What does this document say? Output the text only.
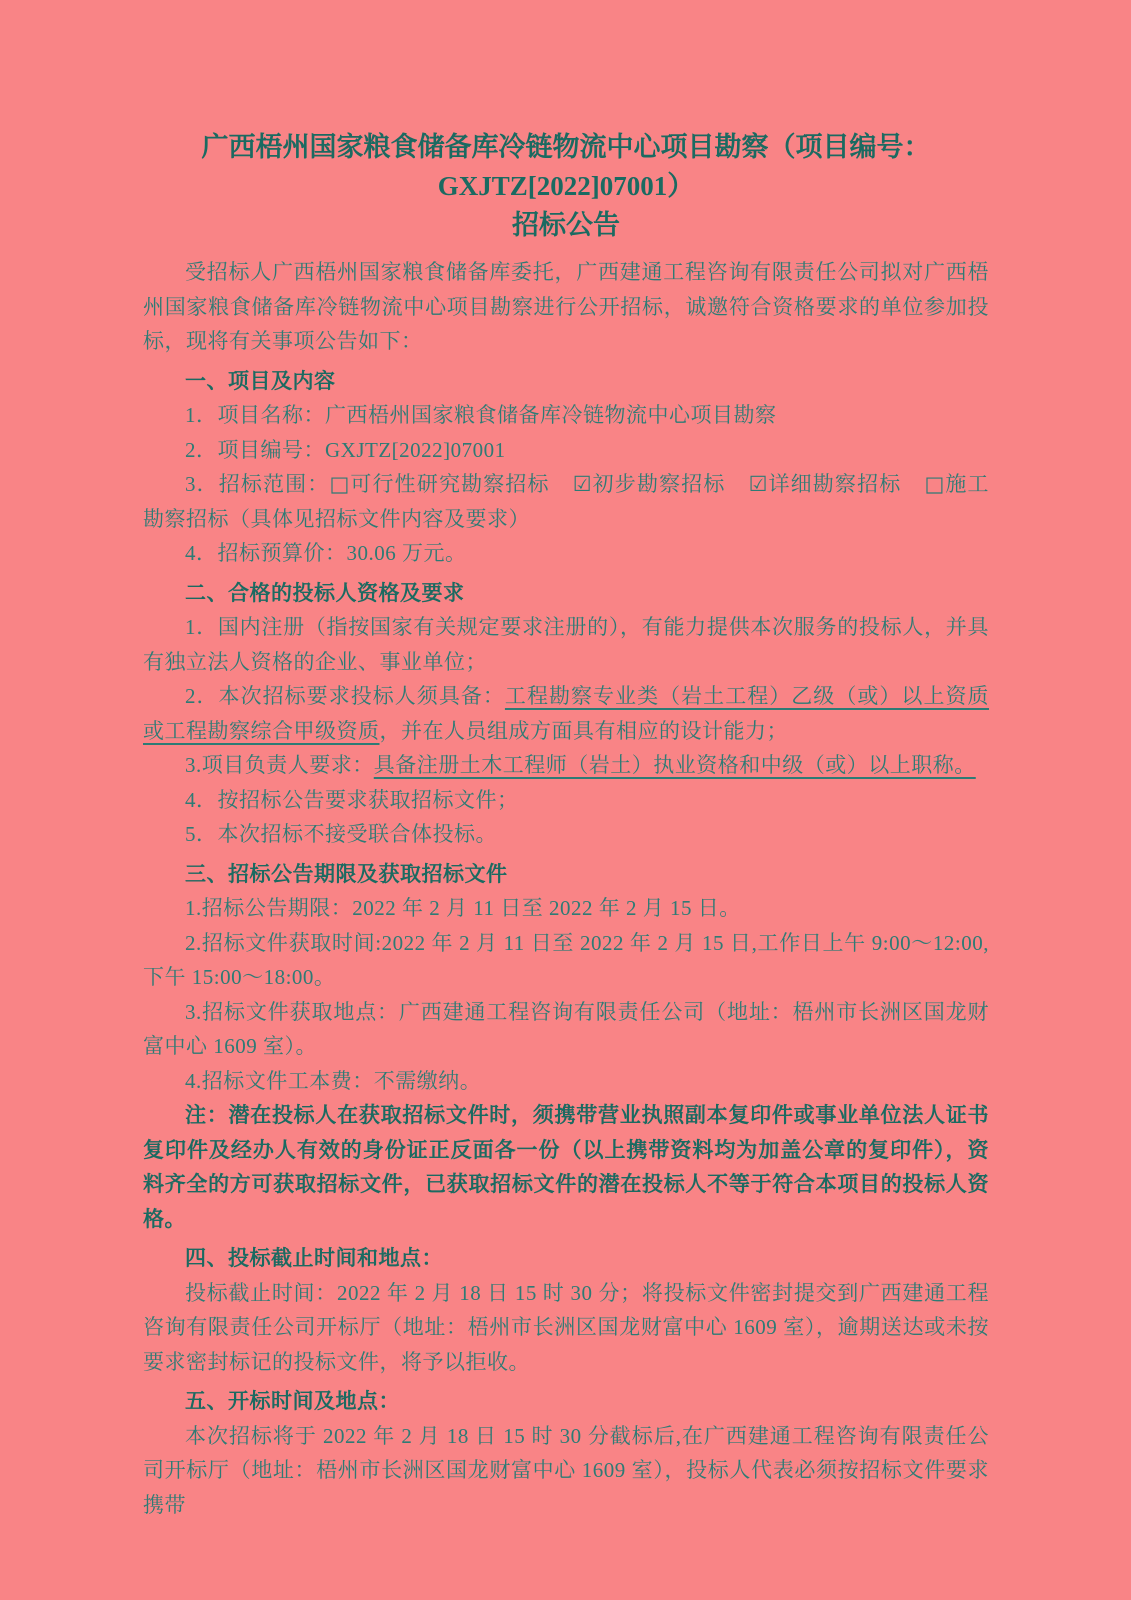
广西梧州国家粮食储备库冷链物流中心项目勘察（项目编号：
GXJTZ[2022]07001）
招标公告

受招标人广西梧州国家粮食储备库委托，广西建通工程咨询有限责任公司拟对广西梧州国家粮食储备库冷链物流中心项目勘察进行公开招标，诚邀符合资格要求的单位参加投标，现将有关事项公告如下：

一、项目及内容

1．项目名称：广西梧州国家粮食储备库冷链物流中心项目勘察

2．项目编号：GXJTZ[2022]07001

3．招标范围：□可行性研究勘察招标 ☑初步勘察招标 ☑详细勘察招标 □施工勘察招标（具体见招标文件内容及要求）

4．招标预算价：30.06 万元。

二、合格的投标人资格及要求

1．国内注册（指按国家有关规定要求注册的），有能力提供本次服务的投标人，并具有独立法人资格的企业、事业单位；

2．本次招标要求投标人须具备：工程勘察专业类（岩土工程）乙级（或）以上资质或工程勘察综合甲级资质，并在人员组成方面具有相应的设计能力；

3.项目负责人要求：具备注册土木工程师（岩土）执业资格和中级（或）以上职称。

4．按招标公告要求获取招标文件；

5．本次招标不接受联合体投标。

三、招标公告期限及获取招标文件

1.招标公告期限：2022 年 2 月 11 日至 2022 年 2 月 15 日。

2.招标文件获取时间:2022 年 2 月 11 日至 2022 年 2 月 15 日,工作日上午 9:00～12:00,下午 15:00～18:00。

3.招标文件获取地点：广西建通工程咨询有限责任公司（地址：梧州市长洲区国龙财富中心 1609 室）。

4.招标文件工本费：不需缴纳。

注：潜在投标人在获取招标文件时，须携带营业执照副本复印件或事业单位法人证书复印件及经办人有效的身份证正反面各一份（以上携带资料均为加盖公章的复印件），资料齐全的方可获取招标文件，已获取招标文件的潜在投标人不等于符合本项目的投标人资格。

四、投标截止时间和地点：

投标截止时间：2022 年 2 月 18 日 15 时 30 分；将投标文件密封提交到广西建通工程咨询有限责任公司开标厅（地址：梧州市长洲区国龙财富中心 1609 室），逾期送达或未按要求密封标记的投标文件，将予以拒收。

五、开标时间及地点：

本次招标将于 2022 年 2 月 18 日 15 时 30 分截标后,在广西建通工程咨询有限责任公司开标厅（地址：梧州市长洲区国龙财富中心 1609 室），投标人代表必须按招标文件要求携带
